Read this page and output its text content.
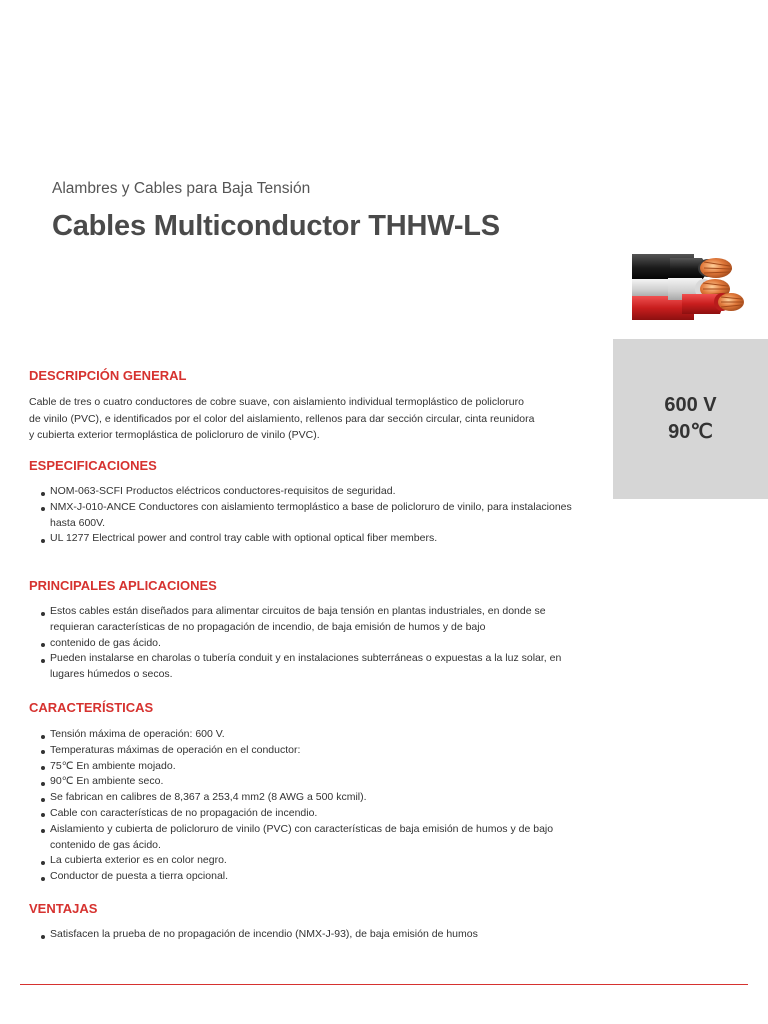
Alambres y Cables para Baja Tensión
Cables Multiconductor THHW-LS
600 V
90℃
DESCRIPCIÓN GENERAL
Cable de tres o cuatro conductores de cobre suave, con aislamiento individual termoplástico de policloruro
de vinilo (PVC), e identificados por el color del aislamiento, rellenos para dar sección circular, cinta reunidora
y cubierta exterior termoplástica de policloruro de vinilo (PVC).
ESPECIFICACIONES
NOM-063-SCFI Productos eléctricos conductores-requisitos de seguridad.
NMX-J-010-ANCE Conductores con aislamiento termoplástico a base de policloruro de vinilo, para instalaciones hasta 600V.
UL 1277 Electrical power and control tray cable with optional optical fiber members.
PRINCIPALES APLICACIONES
Estos cables están diseñados para alimentar circuitos de baja tensión en plantas industriales, en donde se requieran características de no propagación de incendio, de baja emisión de humos y de bajo
contenido de gas ácido.
Pueden instalarse en charolas o tubería conduit y en instalaciones subterráneas o expuestas a la luz solar, en lugares húmedos o secos.
CARACTERÍSTICAS
Tensión máxima de operación: 600 V.
Temperaturas máximas de operación en el conductor:
75℃ En ambiente mojado.
90℃ En ambiente seco.
Se fabrican en calibres de 8,367 a 253,4 mm2 (8 AWG a 500 kcmil).
Cable con características de no propagación de incendio.
Aislamiento y cubierta de policloruro de vinilo (PVC) con características de baja emisión de humos y de bajo contenido de gas ácido.
La cubierta exterior es en color negro.
Conductor de puesta a tierra opcional.
VENTAJAS
Satisfacen la prueba de no propagación de incendio (NMX-J-93), de baja emisión de humos
